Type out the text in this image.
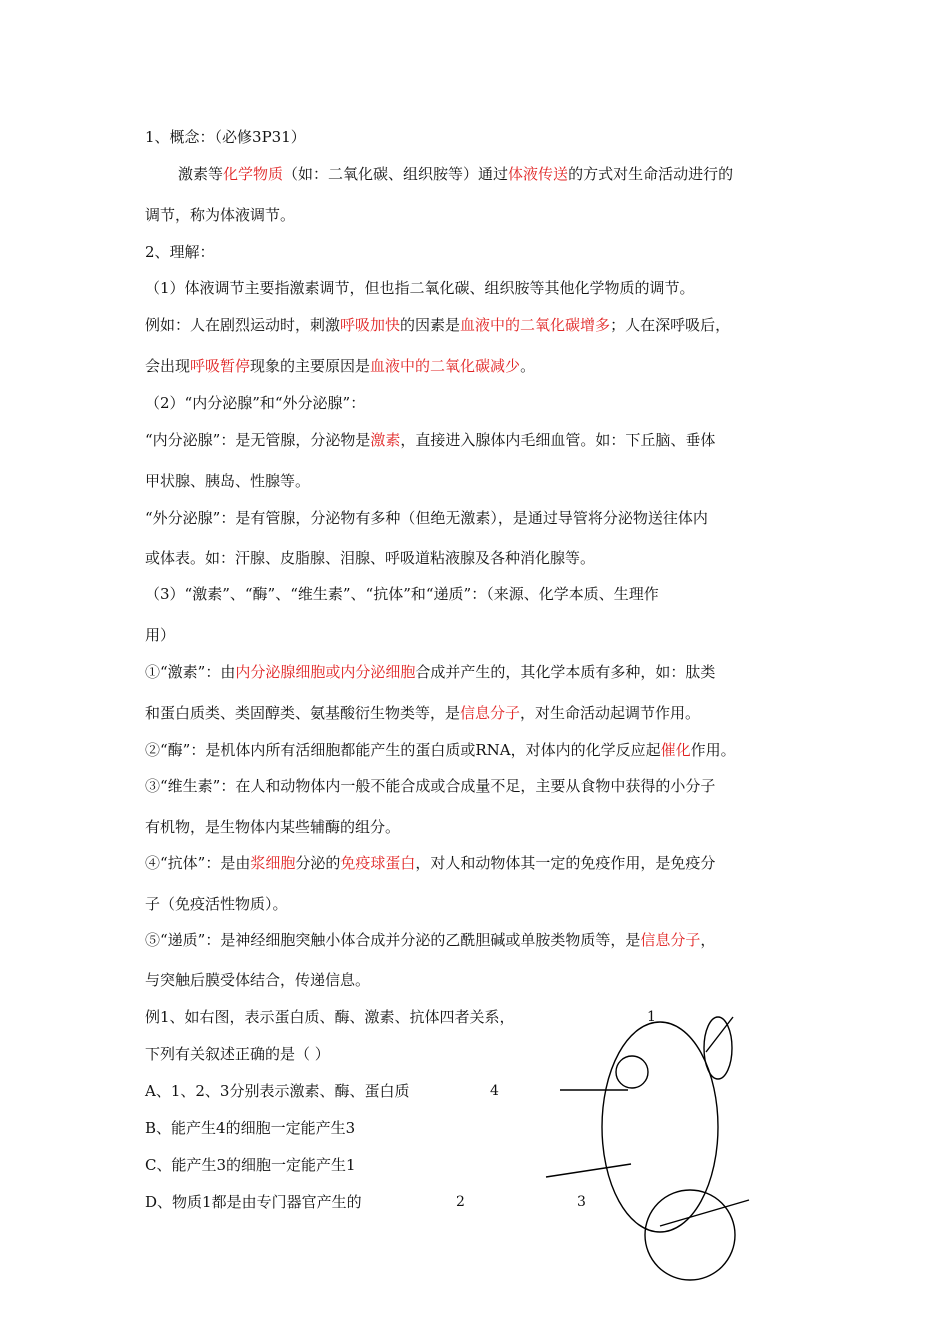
1、概念：（必修3P31）
激素等化学物质（如：二氧化碳、组织胺等）通过体液传送的方式对生命活动进行的
调节，称为体液调节。
2、理解：
（1）体液调节主要指激素调节，但也指二氧化碳、组织胺等其他化学物质的调节。
例如：人在剧烈运动时，刺激呼吸加快的因素是血液中的二氧化碳增多；人在深呼吸后，
会出现呼吸暂停现象的主要原因是血液中的二氧化碳减少。
（2）“内分泌腺”和“外分泌腺”：
“内分泌腺”：是无管腺，分泌物是激素，直接进入腺体内毛细血管。如：下丘脑、垂体
甲状腺、胰岛、性腺等。
“外分泌腺”：是有管腺，分泌物有多种（但绝无激素），是通过导管将分泌物送往体内
或体表。如：汗腺、皮脂腺、泪腺、呼吸道粘液腺及各种消化腺等。
（3）“激素”、“酶”、“维生素”、“抗体”和“递质”：（来源、化学本质、生理作
用）
①“激素”：由内分泌腺细胞或内分泌细胞合成并产生的，其化学本质有多种，如：肽类
和蛋白质类、类固醇类、氨基酸衍生物类等，是信息分子，对生命活动起调节作用。
②“酶”：是机体内所有活细胞都能产生的蛋白质或RNA，对体内的化学反应起催化作用。
③“维生素”：在人和动物体内一般不能合成或合成量不足，主要从食物中获得的小分子
有机物，是生物体内某些辅酶的组分。
④“抗体”：是由浆细胞分泌的免疫球蛋白，对人和动物体其一定的免疫作用，是免疫分
子（免疫活性物质）。
⑤“递质”：是神经细胞突触小体合成并分泌的乙酰胆碱或单胺类物质等，是信息分子，
与突触后膜受体结合，传递信息。
例1、如右图，表示蛋白质、酶、激素、抗体四者关系，
下列有关叙述正确的是（ ）
A、1、2、3分别表示激素、酶、蛋白质
B、能产生4的细胞一定能产生3
C、能产生3的细胞一定能产生1
D、物质1都是由专门器官产生的
1
4
2	3
